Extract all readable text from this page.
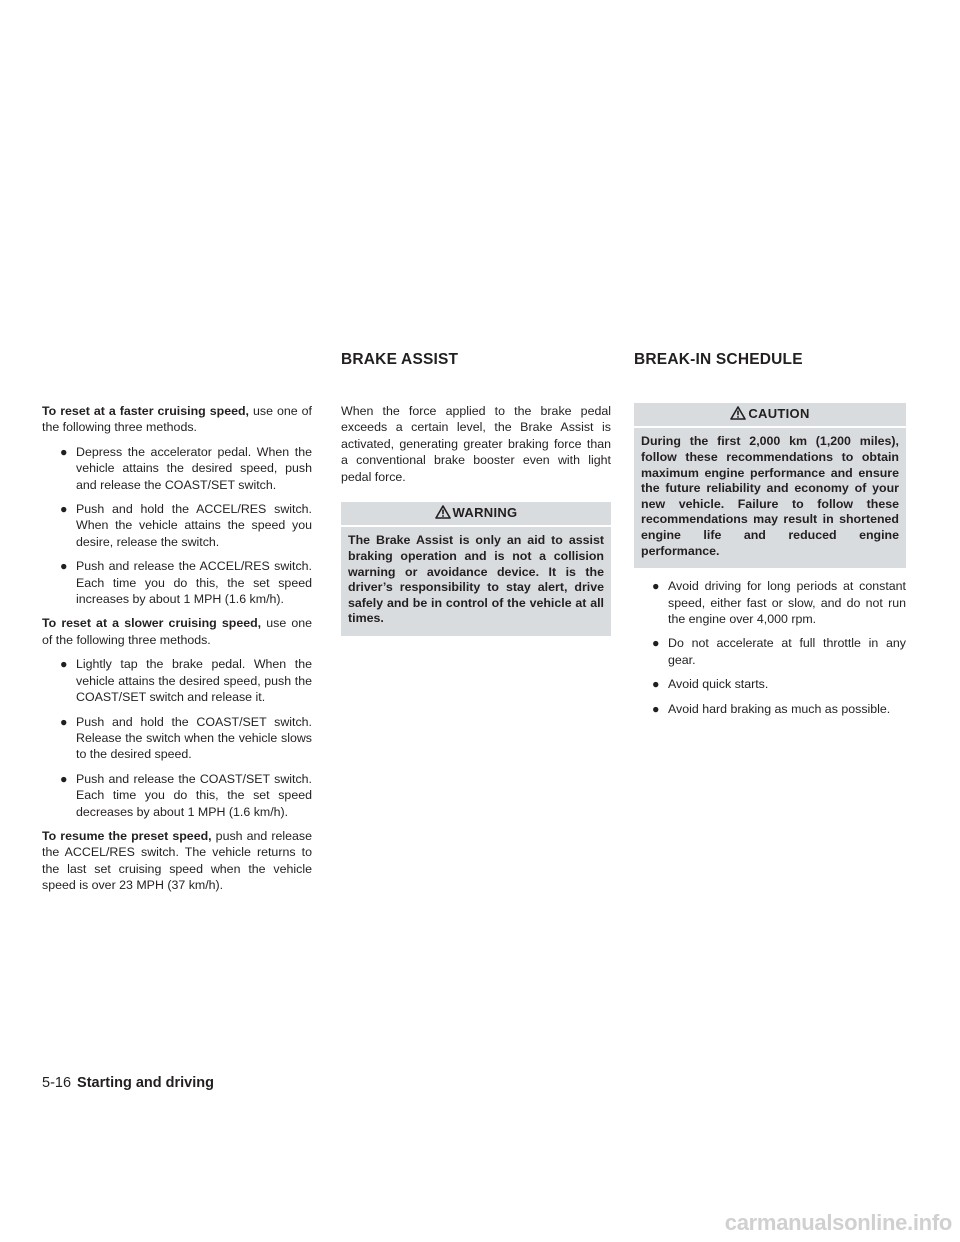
BRAKE ASSIST	BREAK-IN SCHEDULE

To reset at a faster cruising speed, use one of the following three methods.

● Depress the accelerator pedal. When the vehicle attains the desired speed, push and release the COAST/SET switch.

● Push and hold the ACCEL/RES switch. When the vehicle attains the speed you desire, release the switch.

● Push and release the ACCEL/RES switch. Each time you do this, the set speed increases by about 1 MPH (1.6 km/h).

To reset at a slower cruising speed, use one of the following three methods.

● Lightly tap the brake pedal. When the vehicle attains the desired speed, push the COAST/SET switch and release it.

● Push and hold the COAST/SET switch. Release the switch when the vehicle slows to the desired speed.

● Push and release the COAST/SET switch. Each time you do this, the set speed decreases by about 1 MPH (1.6 km/h).

To resume the preset speed, push and release the ACCEL/RES switch. The vehicle returns to the last set cruising speed when the vehicle speed is over 23 MPH (37 km/h).

When the force applied to the brake pedal exceeds a certain level, the Brake Assist is activated, generating greater braking force than a conventional brake booster even with light pedal force.

WARNING
The Brake Assist is only an aid to assist braking operation and is not a collision warning or avoidance device. It is the driver’s responsibility to stay alert, drive safely and be in control of the vehicle at all times.
CAUTION
During the first 2,000 km (1,200 miles), follow these recommendations to obtain maximum engine performance and ensure the future reliability and economy of your new vehicle. Failure to follow these recommendations may result in shortened engine life and reduced engine performance.

● Avoid driving for long periods at constant speed, either fast or slow, and do not run the engine over 4,000 rpm.

● Do not accelerate at full throttle in any gear.

● Avoid quick starts.

● Avoid hard braking as much as possible.

5-16 Starting and driving
carmanualsonline.info
